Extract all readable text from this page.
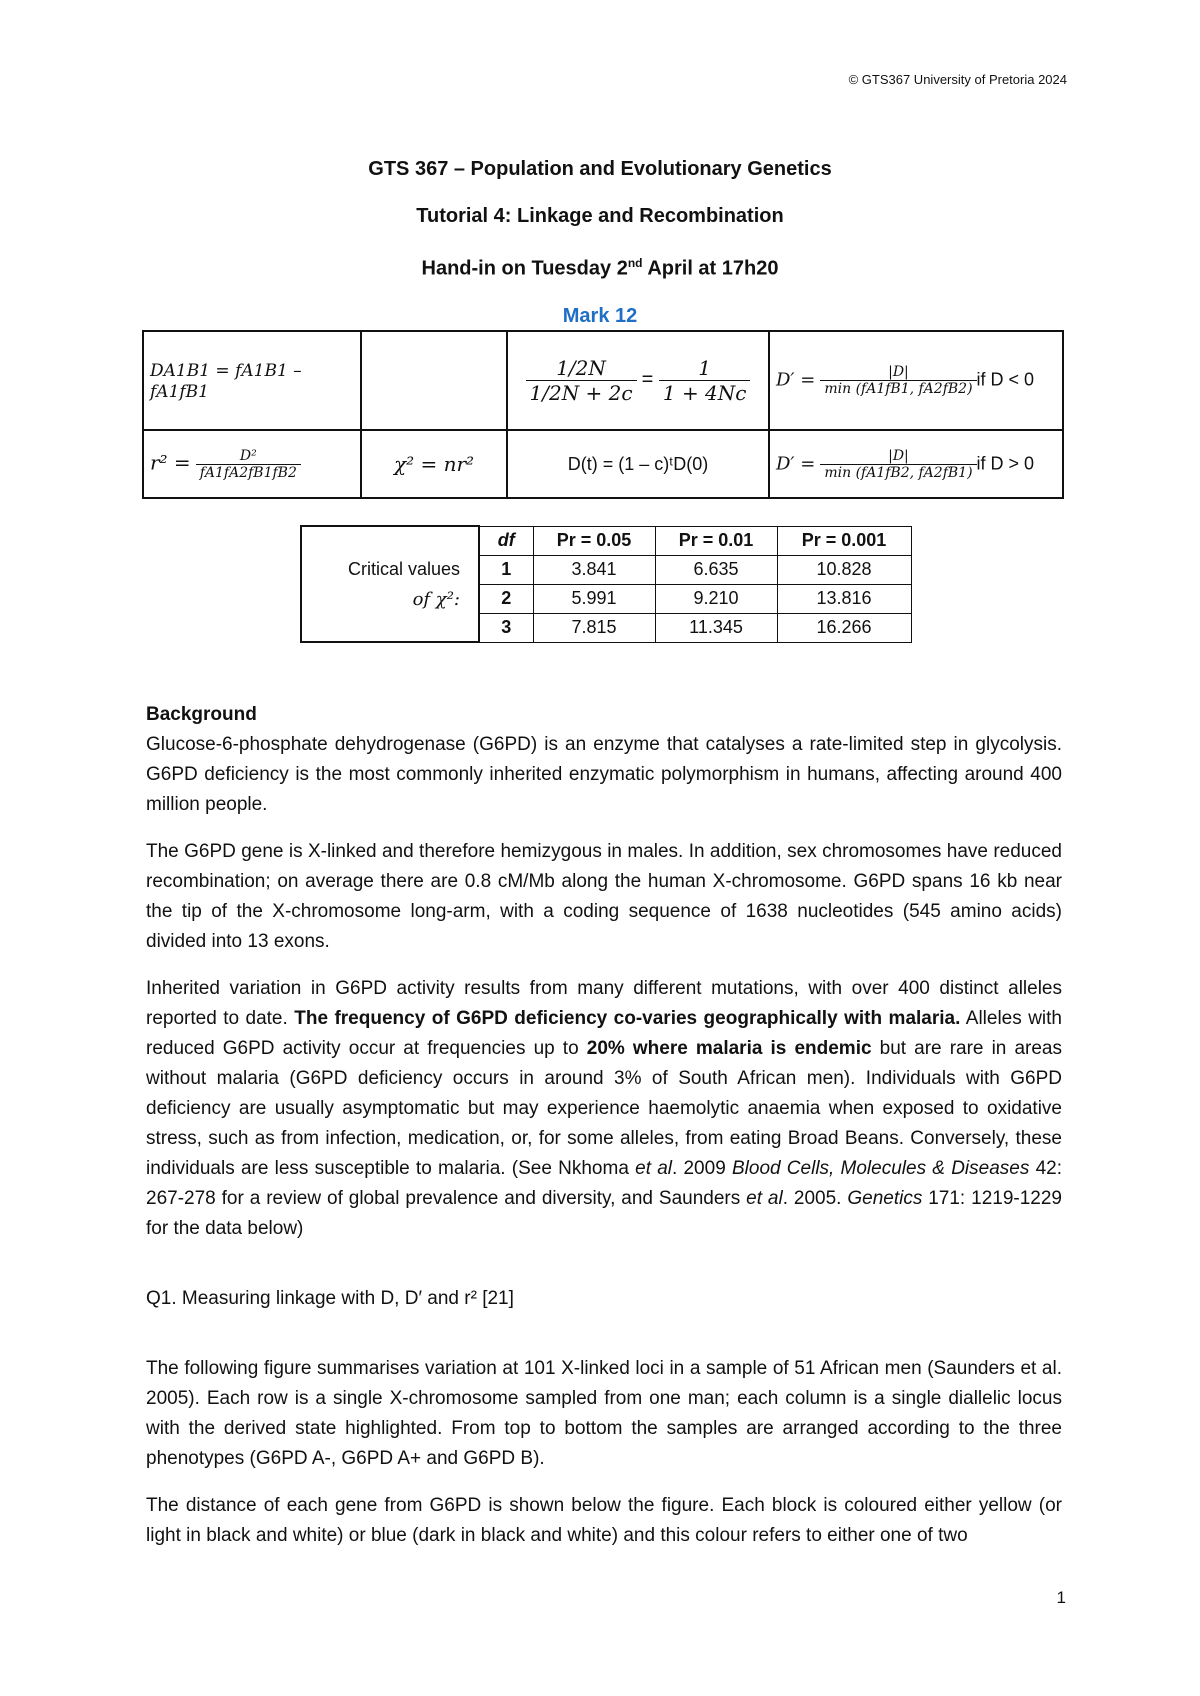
© GTS367 University of Pretoria 2024
GTS 367 – Population and Evolutionary Genetics
Tutorial 4: Linkage and Recombination
Hand-in on Tuesday 2nd April at 17h20
Mark 12
DA1B1 = fA1B1 – fA1fB1		$\frac{1/2N}{1/2N + 2c} = \frac{1}{1 + 4Nc}$	$D' = \frac{|D|}{\min (fA1fB1, fA2fB2)}$ if D < 0
$r^2 = \frac{\text{D²}}{fA1fA2fB1fB2}$	χ² = nr²	D(t) = (1 – c)ᵗD(0)	$D' = \frac{|D|}{\min (fA1fB2, fA2fB1)}$ if D > 0
Critical values
of χ²:	df	Pr = 0.05	Pr = 0.01	Pr = 0.001
	1	3.841	6.635	10.828
	2	5.991	9.210	13.816
	3	7.815	11.345	16.266

Background

Glucose-6-phosphate dehydrogenase (G6PD) is an enzyme that catalyses a rate-limited step in glycolysis. G6PD deficiency is the most commonly inherited enzymatic polymorphism in humans, affecting around 400 million people.

The G6PD gene is X-linked and therefore hemizygous in males. In addition, sex chromosomes have reduced recombination; on average there are 0.8 cM/Mb along the human X-chromosome. G6PD spans 16 kb near the tip of the X-chromosome long-arm, with a coding sequence of 1638 nucleotides (545 amino acids) divided into 13 exons.

Inherited variation in G6PD activity results from many different mutations, with over 400 distinct alleles reported to date. The frequency of G6PD deficiency co-varies geographically with malaria. Alleles with reduced G6PD activity occur at frequencies up to 20% where malaria is endemic but are rare in areas without malaria (G6PD deficiency occurs in around 3% of South African men). Individuals with G6PD deficiency are usually asymptomatic but may experience haemolytic anaemia when exposed to oxidative stress, such as from infection, medication, or, for some alleles, from eating Broad Beans. Conversely, these individuals are less susceptible to malaria. (See Nkhoma et al. 2009 Blood Cells, Molecules & Diseases 42: 267-278 for a review of global prevalence and diversity, and Saunders et al. 2005. Genetics 171: 1219-1229 for the data below)

Q1. Measuring linkage with D, D′ and r² [21]

The following figure summarises variation at 101 X-linked loci in a sample of 51 African men (Saunders et al. 2005). Each row is a single X-chromosome sampled from one man; each column is a single diallelic locus with the derived state highlighted. From top to bottom the samples are arranged according to the three phenotypes (G6PD A-, G6PD A+ and G6PD B).

The distance of each gene from G6PD is shown below the figure. Each block is coloured either yellow (or light in black and white) or blue (dark in black and white) and this colour refers to either one of two

1
